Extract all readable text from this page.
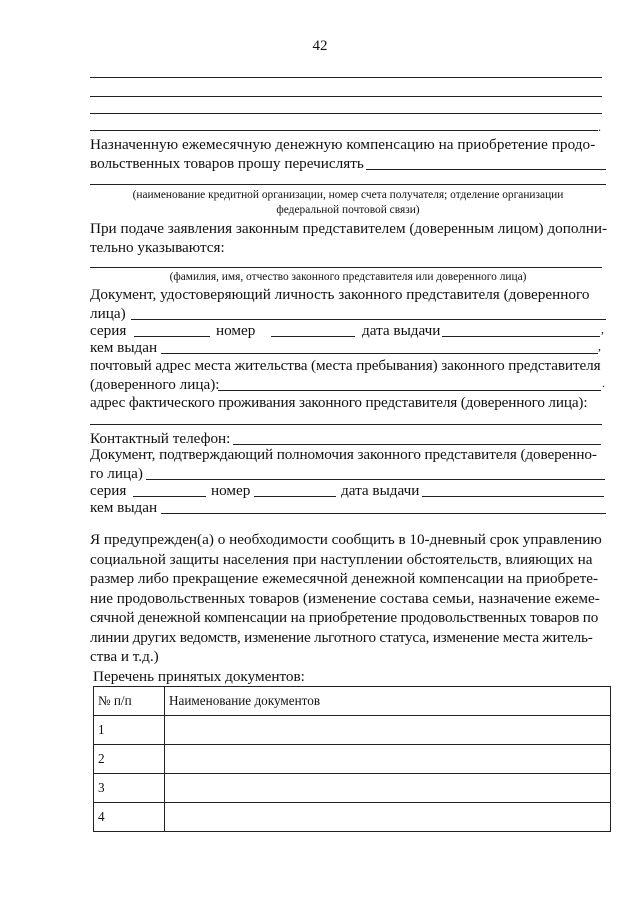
42
.
Назначенную ежемесячную денежную компенсацию на приобретение продо-
вольственных товаров прошу перечислять
(наименование кредитной организации, номер счета получателя; отделение организации
федеральной почтовой связи)
При подаче заявления законным представителем (доверенным лицом) дополни-
тельно указываются:
(фамилия, имя, отчество законного представителя или доверенного лица)
Документ, удостоверяющий личность законного представителя (доверенного
лица)
серия	номер	дата выдачи	,
кем выдан	,
почтовый адрес места жительства (места пребывания) законного представителя
(доверенного лица):	.
адрес фактического проживания законного представителя (доверенного лица):
Контактный телефон:
Документ, подтверждающий полномочия законного представителя (доверенно-
го лица)
серия	номер	дата выдачи
кем выдан
Я предупрежден(а) о необходимости сообщить в 10-дневный срок управлению
социальной защиты населения при наступлении обстоятельств, влияющих на
размер либо прекращение ежемесячной денежной компенсации на приобрете-
ние продовольственных товаров (изменение состава семьи, назначение ежеме-
сячной денежной компенсации на приобретение продовольственных товаров по
линии других ведомств, изменение льготного статуса, изменение места житель-
ства и т.д.)
Перечень принятых документов:
№ п/п	Наименование документов
1	
2	
3	
4	
